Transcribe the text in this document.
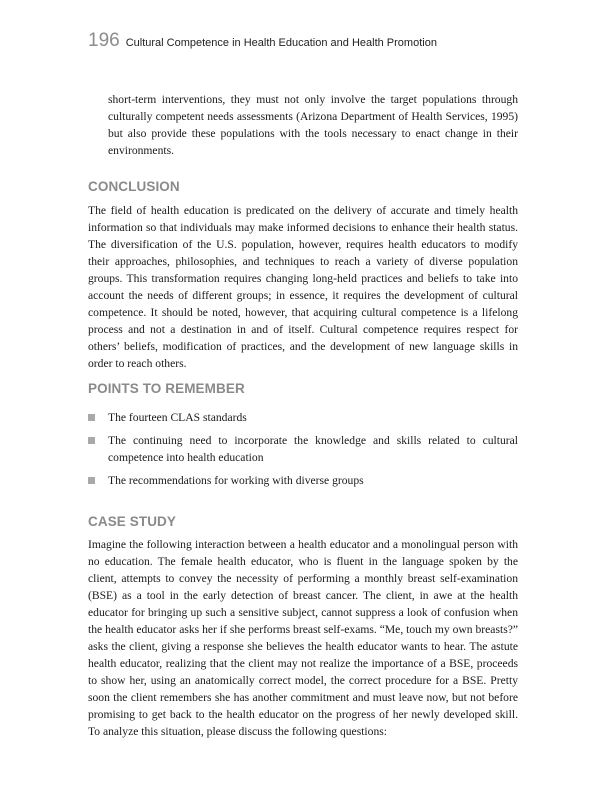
196 Cultural Competence in Health Education and Health Promotion

short-term interventions, they must not only involve the target populations through culturally competent needs assessments (Arizona Department of Health Services, 1995) but also provide these populations with the tools necessary to enact change in their environments.

CONCLUSION

The field of health education is predicated on the delivery of accurate and timely health information so that individuals may make informed decisions to enhance their health status. The diversification of the U.S. population, however, requires health educators to modify their approaches, philosophies, and techniques to reach a variety of diverse population groups. This transformation requires changing long-held practices and beliefs to take into account the needs of different groups; in essence, it requires the development of cultural competence. It should be noted, however, that acquiring cultural competence is a lifelong process and not a destination in and of itself. Cultural competence requires respect for others’ beliefs, modification of practices, and the development of new language skills in order to reach others.

POINTS TO REMEMBER
The fourteen CLAS standards
The continuing need to incorporate the knowledge and skills related to cultural competence into health education
The recommendations for working with diverse groups
CASE STUDY

Imagine the following interaction between a health educator and a monolingual person with no education. The female health educator, who is fluent in the language spoken by the client, attempts to convey the necessity of performing a monthly breast self-examination (BSE) as a tool in the early detection of breast cancer. The client, in awe at the health educator for bringing up such a sensitive subject, cannot suppress a look of confusion when the health educator asks her if she performs breast self-exams. “Me, touch my own breasts?” asks the client, giving a response she believes the health educator wants to hear. The astute health educator, realizing that the client may not realize the importance of a BSE, proceeds to show her, using an anatomically correct model, the correct procedure for a BSE. Pretty soon the client remembers she has another commitment and must leave now, but not before promising to get back to the health educator on the progress of her newly developed skill. To analyze this situation, please discuss the following questions:
